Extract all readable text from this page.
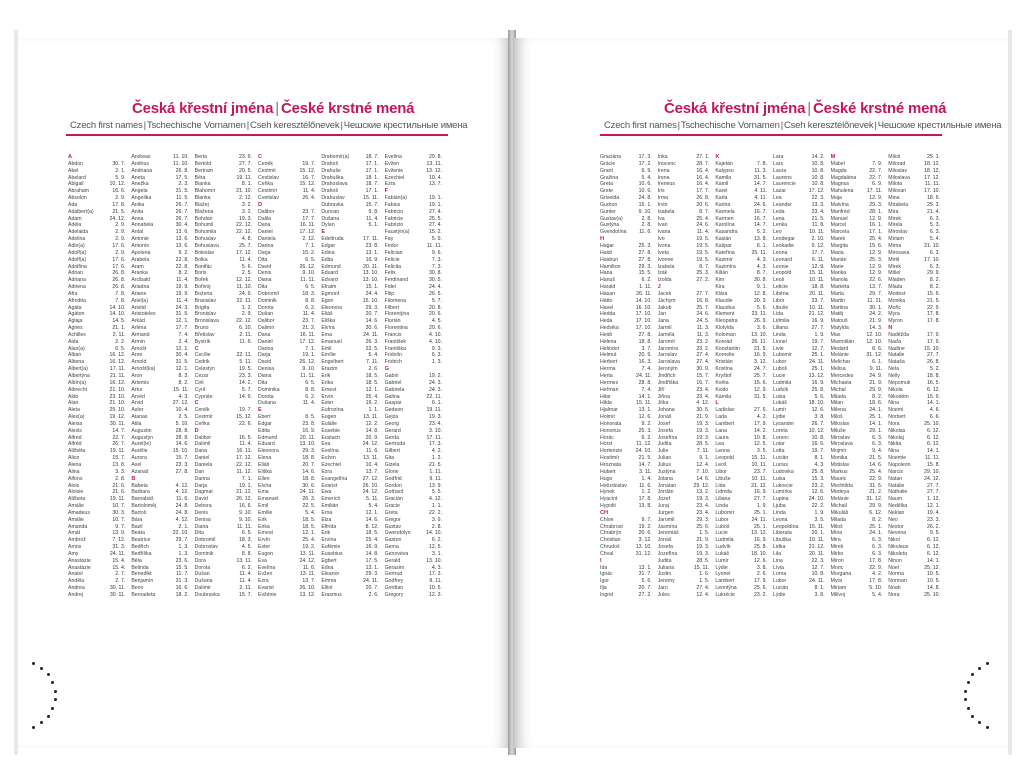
Česká křestní jména | České krstné mená
Czech first names|Tschechische Vornamen|Cseh keresztélőnevek|Чешские крестильные имена
A
Abdon	30. 7.
Abel	2. 1.
Abelard	5. 9.
Abigail	10. 12.
Abraham	16. 6.
Absolon	2. 9.
Ada	17. 8.
Adalbert(a)	21. 5.
Adam	24. 12.
Adéla	2. 9.
Adelaida	2. 9.
Adelina	2. 9.
Adin(a)	17. 6.
Adolf(a)	2. 9.
Adolf(a)	17. 6.
Adolfina	17. 6.
Adrian	26. 8.
Adriana	26. 8.
Adriena	26. 8.
Afra	7. 8.
Afrodita	7. 8.
Agáta	14. 10.
Agáton	14. 10.
Aglaja	14. 5.
Agnes	21. 1.
Achilles	2. 11.
Aida	2. 2.
Alan(a)	6. 5.
Alban	16. 12.
Albena	16. 12.
Albert(a)	17. 11.
Albertýna	21. 11.
Albín(a)	16. 12.
Albrecht	21. 10.
Aldo	23. 10.
Alan	21. 10.
Aleta	25. 10.
Alex(a)	19. 12.
Alexia	30. 11.
Alexis	14. 7.
Alfred	22. 7.
Alfréd	26. 7.
Alžběta	19. 11.
Alice	15. 7.
Alena	13. 8.
Alina	3. 3.
Alfons	2. 8.
Alois	21. 6.
Aloisie	21. 6.
Alžbeta	19. 11.
Amálie	10. 7.
Amadeus	30. 3.
Amálie	10. 7.
Amanda	9. 7.
Amát	13. 9.
Ambrož	7. 12.
Amos	31. 3.
Amy	24. 11.
Anastázie	15. 4.
Anastázie	15. 4.
Anatol	2. 7.
Anděla	2. 7.
Andrea	30. 11.
Andrej	30. 11.
Andreas	11. 10.
Andrius	11. 10.
Andriana	26. 8.
Aneta	17. 5.
Anežka	2. 3.
Angela	31. 5.
Angelika	11. 5.
Anika	26. 7.
Anita	26. 7.
Anna	26. 7.
Annabela	30. 4.
Antal	13. 6.
Antonie	13. 6.
Antonín	13. 6.
Apolena	9. 2.
Arabela	22. 8.
Aram	22. 8.
Aranka	8. 2.
Arcibald	11. 4.
Ariadna	19. 9.
Ariane	19. 9.
Ariel(a)	11. 4.
Aristid	24. 3.
Aristoteles	31. 5.
Arkád	12. 1.
Arlena	17. 7.
Armand	7. 4.
Armin	2. 4.
Arnošt	12. 1.
Arne	30. 4.
Arnold	31. 5.
Arnošt(ka)	12. 1.
Aron	8. 3.
Artemis	8. 2.
Artur	15. 11.
Arvéd	4. 3.
Arvid	27. 12.
Aster	10. 4.
Atanas	2. 5.
Atila	5. 10.
Augustin	28. 8.
Augustýn	28. 8.
Aurel(ie)	14. 6.
Aurélie	15. 10.
Aurora	15. 7.
Axel	23. 3.
Azanaš	27. 8.
B
Babeta	4. 12.
Barbara	4. 12.
Barnabáš	11. 6.
Bartoloměj	24. 8.
Bartoš	24. 8.
Bára	4. 12.
Bazil	2. 1.
Beáta	22. 10.
Beatrice	29. 7.
Bedřich	1. 3.
Bedřiška	1. 3.
Běla	23. 6.
Belinda	15. 5.
Benedikt	11. 7.
Benjamín	31. 3.
Beno	16. 6.
Bernadeta	18. 2.
Berta	23. 9.
Bertold	27. 7.
Bertram	20. 5.
Běta	19. 11.
Bianka	8. 1.
Blahomír	21. 10.
Blanka	2. 12.
Blažej	3. 2.
Blažena	3. 2.
Bohdan	19. 3.
Bohumil	22. 12.
Bohumila	22. 12.
Bohuslav	4. 8.
Bohuslava	25. 7.
Boleslav	17. 12.
Bolka	11. 4.
Bonifác	5. 6.
Boris	2. 5.
Bořek	12. 12.
Bořivoj	11. 10.
Božena	24. 9.
Branislav	22. 11.
Brigita	1. 2.
Bronislav	2. 9.
Bronislava	22. 12.
Bruno	6. 10.
Břetislav	2. 11.
Bystrík	11. 6.
C
Cecílie	22. 11.
Cedrik	5. 11.
Celestýn	19. 5.
Cézar	23. 3.
Ciril	14. 2.
Cyril	5. 7.
Cyprián	14. 9.
Č
Čeněk	19. 7.
Čestmír	15. 12.
Čeňka	22. 6.
D
Dalibor	16. 5.
Dalimil	11. 4.
Dana	16. 11.
Daniel	17. 12.
Daniela	22. 12.
Dan	11. 12.
Darina	7. 1.
Darja	19. 1.
Dagmar	21. 12.
David	26. 12.
Debora	16. 6.
Denis	9. 10.
Denisa	9. 10.
Diana	11. 11.
Dita	6. 5.
Dobromil	18. 3.
Dobroslav	4. 5.
Dominik	8. 8.
Dora	13. 11.
Dorota	6. 2.
Dušan	11. 4.
Dušana	11. 4.
Dalimir	2. 11.
Doubravka	15. 7.
Č
Čeněk	19. 7.
Čestmír	15. 12.
Čestislav	16. 7.
Čeňka	15. 12.
Čestimír	11. 4.
Cvetislav	26. 4.
D
Dalibor	23. 7.
Dalila	17. 7.
Dana	16. 11.
Daniel	17. 12.
Daniela	2. 12.
Darina	7. 1.
Darja	15. 2.
Dita	6. 5.
David	26. 12.
Denis	9. 10.
Diana	11. 11.
Dita	6. 5.
Dobromil	18. 3.
Dominik	8. 8.
Dorota	6. 2.
Dušan	11. 4.
Dalibor	23. 7.
Dalimír	21. 2.
Dana	16. 11.
Daniel	17. 12.
Darina	7. 1.
Darja	19. 1.
David	26. 12.
Denisa	9. 10.
Diana	11. 11.
Dita	6. 5.
Dominika	8. 8.
Dorota	6. 2.
Dušana	11. 4.
E
Ebert	8. 5.
Edgar	23. 8.
Edita	16. 9.
Edmund	20. 11.
Eduard	13. 10.
Eleonora	29. 3.
Elena	18. 8.
Eliáš	20. 7.
Eliška	14. 6.
Ellen	18. 8.
Elvíra	30. 6.
Ema	24. 11.
Emanuel	26. 3.
Emil	22. 5.
Emílie	5. 4.
Erik	18. 5.
Erika	18. 5.
Ernest	12. 1.
Ervín	25. 4.
Ester	19. 2.
Eugen	13. 11.
Eva	24. 12.
Evelína	11. 6.
Evžen	13. 11.
Ezra	13. 7.
Evarist	26. 10.
Evžénie	13. 12.
Drahomír(a)	18. 7.
Drahoš	17. 1.
Drahuše	17. 1.
Drahuška	18. 1.
Drahoslava	18. 7.
Drahoš	17. 1.
Drahuslav	15. 11.
Dubravka	15. 7.
Duncan	9. 8.
Dušana	11. 4.
Dylan	5. 1.
E
Edeltruda	17. 11.
Edgar	23. 8.
Edina	13. 1.
Edita	16. 9.
Edmund	20. 11.
Eduard	13. 10.
Edvard	13. 10.
Efraim	15. 1.
Egmont	24. 4.
Egon	15. 10.
Eleonora	29. 3.
Eliáš	20. 7.
Eliška	14. 6.
Elvíra	30. 6.
Ema	24. 11.
Emanuel	26. 3.
Emil	22. 5.
Emílie	5. 4.
Engelbert	7. 11.
Erazim	2. 6.
Erik	18. 5.
Erika	18. 5.
Ernest	12. 1.
Ervín	25. 4.
Ester	19. 2.
Eufrozína	1. 1.
Eugen	13. 11.
Eulálie	12. 2.
Eusebie	14. 8.
Eustach	20. 9.
Eva	24. 12.
Evelína	11. 6.
Evžen	13. 11.
Ezechiel	10. 4.
Ezra	13. 7.
Evangelína	27. 12.
Evarist	26. 10.
Ewa	24. 12.
Emerich	5. 11.
Emilián	5. 4.
Erna	12. 1.
Elza	14. 6.
Elfrída	8. 12.
Erik	18. 5.
Ervína	25. 4.
Eufémie	16. 9.
Eusebius	14. 8.
Egbert	17. 5.
Edna	13. 1.
Eleanor	29. 3.
Emma	24. 11.
Elliot	20. 7.
Erasmus	2. 6.
Evelína	29. 8.
Evžen	13. 11.
Evženie	13. 12.
Ezechiel	10. 4.
Ezra	13. 7.
F
Fabián(a)	19. 1.
Fabius	19. 1.
Fabricio	27. 4.
Fabricie	25. 5.
Fabrizio	27. 4.
Faustýn(a)	15. 2.
Fay	5. 9.
Fedor	11. 11.
Felician	9. 6.
Felicie	7. 3.
Felicita	7. 3.
Felix	30. 8.
Ferdinand	30. 5.
Fidel	24. 4.
Filip	26. 5.
Filomena	5. 7.
Filbert	20. 8.
Florentýna	20. 6.
Florián	4. 5.
Florentina	20. 6.
Francis	4. 10.
František	4. 10.
Františka	9. 3.
Fridolín	6. 3.
Fridrich	1. 3.
G
Gabin	19. 2.
Gabriel	24. 3.
Gabriela	24. 3.
Galina	22. 11.
Gaspar	6. 1.
Gedeon	19. 11.
Gejza	19. 3.
Georg	23. 4.
Gerard	3. 10.
Gerda	17. 11.
Gertruda	17. 3.
Gilbert	4. 2.
Gita	1. 2.
Gizela	21. 5.
Glorie	1. 11.
Godfrid	9. 11.
Gordon	13. 9.
Gothard	5. 5.
Gracián	4. 12.
Gracie	1. 1.
Greta	22. 2.
Gregor	3. 9.
Gustav	2. 8.
Gwendolyn	14. 10.
Gaston	6. 2.
Gema	12. 5.
Genovéva	3. 1.
Gerald	13. 10.
Gerasim	4. 3.
Gertrud	17. 3.
Godfrey	8. 11.
Gordian	10. 5.
Gregory	12. 3.
Česká křestní jména | České krstné mená
Czech first names|Tschechische Vornamen|Cseh keresztélőnevek|Чешские крестильные имена
Graciána	17. 3.
Grácie	17. 2.
Grant	6. 9.
Gražina	5. 4.
Greta	10. 6.
Grete	10. 6.
Griselda	24. 8.
Gudrun	15. 1.
Gunter	9. 10.
Gustav(a)	2. 8.
Gustýna	2. 8.
Gvendolína 11. 6.
H
Hagar	25. 3.
Haidi	27. 8.
Haidrun	27. 8.
Hamilton	29. 3.
Hana	15. 5.
Hanuš	6. 2.
Harald	1. 11.
Hasan	26. 11.
Hátto	14. 10.
Havel	16. 10.
Hedda	17. 10.
Heda	17. 10.
Hedvika	17. 10.
Heidi	27. 8.
Helena	18. 8.
Heliodor	3. 7.
Helmut	20. 9.
Herbert	16. 3.
Herma	7. 4.
Herta	24. 11.
Hermes	28. 8.
Heřman	7. 4.
Hilar	14. 1.
Hilda	15. 11.
Hjalmar	13. 1.
Holmír	12. 6.
Honorata	9. 2.
Honorius	25. 3.
Horác	6. 2.
Horst	11. 12.
Hortenzie	24. 10.
Hostimír	21. 5.
Hroznata	14. 7.
Hubert	3. 11.
Hugo	1. 4.
Hvězdoslav 11. 6.
Hynek	1. 2.
Hyacint	17. 8.
Hypolit	13. 8.
CH
Chloe	9. 7.
Chrabrost	19. 2.
Chrabrýn	20. 6.
Christian	3. 12.
Chrudoš	13. 10.
Chval	31. 12.
I
Ida	13. 1.
Ignác	31. 7.
Igor	5. 6.
Ilja	20. 7.
Ingrid	27. 2.
Inka	27. 1.
Inocenc	28. 7.
Irena	16. 4.
Irena	16. 4.
Ireneus	16. 4.
Iris	17. 7.
Irma	26. 8.
Irvin	20. 6.
Isabela	8. 7.
Iva	25. 4.
Ivan	24. 6.
Ivana	11. 4.
Ivo	19. 5.
Ivona	19. 5.
Iveta	19. 5.
Ivonne	19. 5.
Izabela	8. 7.
Izák	25. 3.
Izolda	27. 2.
J
Jacek	27. 7.
Jáchym	16. 8.
Jakub	25. 7.
Jan	24. 6.
Jana	24. 5.
Jarmil	11. 3.
Jarmila	11. 3.
Jaromír	23. 2.
Jaromíra	23. 2.
Jaroslav	27. 4.
Jaroslava	27. 4.
Jeroným	30. 9.
Jindřich	15. 7.
Jindřiška	16. 7.
Jiří	23. 4.
Jiřina	23. 4.
Jitka	4. 12.
Johana	30. 5.
Jonáš	21. 9.
Josef	19. 3.
Josefa	19. 3.
Josefína	19. 3.
Judita	28. 5.
Julie	7. 11.
Julian	9. 1.
Julius	12. 4.
Justýna	7. 10.
Jolana	14. 6.
Jonatan	29. 12.
Jordán	13. 2.
Jozef	19. 3.
Juraj	23. 4.
Jurgen	23. 4.
Jaromil	29. 3.
Jasmína	25. 6.
Jeremiáš	1. 5.
Jonáš	21. 9.
Josefa	19. 3.
Jozefína	19. 3.
Judita	28. 5.
Juliana	15. 11.
Justin	1. 6.
Jeremy	1. 5.
Jaro	27. 4.
Jules	12. 4.
K
Kajetán	7. 8.
Kalypso	11. 3.
Kamila	31. 5.
Kamil	14. 7.
Karel	4. 11.
Karla	4. 11.
Karina	24. 6.
Karmela	16. 7.
Karmen	16. 7.
Karolína	14. 7.
Kasandra	5. 2.
Kasián	13. 8.
Kašpar	6. 1.
Kateřina	25. 11.
Kazimír	4. 3.
Kazimíra	4. 3.
Kilián	8. 7.
Kim	30. 8.
Kira	9. 1.
Klára	12. 8.
Klaudie	20. 3.
Klaudius	5. 6.
Klement	23. 11.
Kleopatra	26. 9.
Klotylda	3. 6.
Koloman	13. 10.
Konrád	26. 11.
Konstantin	21. 5.
Kornelie	16. 9.
Kristián	3. 12.
Kristina	24. 7.
Kryštof	25. 7.
Květa	15. 6.
Kvido	12. 9.
Kamila	31. 5.
L
Ladislav	27. 6.
Lada	4. 2.
Lambert	17. 9.
Lana	14. 2.
Laura	10. 8.
Lea	12. 5.
Leona	3. 5.
Leopold	15. 11.
Leoš	10. 11.
Libor	23. 7.
Libuše	10. 11.
Lída	21. 12.
Lidmila	16. 9.
Liliana	27. 7.
Linda	1. 9.
Lubomír	25. 1.
Lubor	24. 11.
Luboš	25. 1.
Lucie	13. 12.
Ludmila	16. 9.
Ludvík	25. 8.
Lukáš	18. 10.
Lumír	12. 6.
Lýdie	3. 8.
Lyonel	2. 6.
Lambert	17. 9.
Leontýna	25. 6.
Lukrécie	23. 2.
Lara	14. 2.
Lars	10. 8.
Laura	10. 8.
Laurens	10. 8.
Laurencie	10. 8.
Lazar	17. 12.
Lea	22. 3.
Leander	13. 3.
Leda	23. 4.
Lena	21. 5.
Lenka	11. 8.
Leo	10. 11.
Leodegar	2. 10.
Leokadie	9. 12.
Leona	17. 7.
Leonard	6. 11.
Leonie	12. 9.
Leopold	15. 11.
Leoš	10. 11.
Leticie	18. 8.
Liběna	20. 11.
Libor	23. 7.
Libuše	10. 11.
Lída	21. 12.
Lidmila	16. 9.
Liliana	27. 7.
Linda	1. 9.
Lionel	19. 7.
Livie	12. 7.
Lubomír	25. 1.
Lubor	24. 11.
Luboš	25. 1.
Lucie	13. 12.
Ludmila	16. 9.
Ludvík	25. 8.
Luisa	5. 6.
Lukáš	18. 10.
Lumír	12. 6.
Lýdie	3. 8.
Lysander	26. 7.
Loreta	10. 12.
Lorenc	10. 8.
Lotar	16. 6.
Lotta	19. 7.
Lucián	8. 1.
Lucius	4. 3.
Ludovika	25. 8.
Luisa	15. 3.
Lukrecie	23. 2.
Lumírka	12. 6.
Lupina	24. 10.
Ljuba	22. 2.
Linda	1. 9.
Leona	3. 5.
Leopoldina 15. 11.
Liberata	20. 1.
Libuška	10. 11.
Lidka	21. 12.
Lila	20. 11.
Lina	22. 3.
Lívia	12. 7.
Lorna	10. 8.
Lubor	24. 11.
Lucián	8. 1.
Lýdie	3. 8.
M
Mabel	7. 9.
Magda	22. 7.
Magdaléna	22. 7.
Magnus	6. 9.
Mahulena	17. 11.
Maja	12. 9.
Malvína	29. 3.
Manfréd	28. 1.
Manuel	12. 9.
Marcel	16. 1.
Marcela	17. 1.
Marek	25. 4.
Margita	15. 6.
Maria	12. 9.
Marián	25. 3.
Marie	12. 9.
Marika	12. 9.
Mariola	22. 6.
Markéta	13. 7.
Marta	29. 7.
Martin	11. 11.
Martina	30. 1.
Matěj	24. 2.
Matouš	21. 9.
Matylda	14. 3.
Max	12. 10.
Maxmilián 12. 10.
Medard	8. 6.
Melánie	31. 12.
Melichar	6. 1.
Melisa	9. 11.
Mercedes	24. 9.
Michaela	21. 9.
Michal	29. 9.
Milada	8. 2.
Milan	18. 6.
Milena	24. 1.
Miloš	25. 1.
Miloslav	14. 1.
Miluše	29. 1.
Miroslav	6. 3.
Miroslava	6. 3.
Mojmír	9. 4.
Monika	21. 5.
Mstislav	14. 6.
Markus	25. 4.
Mauric	22. 9.
Mechtilda	31. 5.
Medeya	21. 2.
Melánie	31. 12.
Michail	29. 9.
Mikuláš	6. 12.
Milada	8. 2.
Miloš	25. 1.
Mína	24. 1.
Mira	6. 3.
Mirek	6. 3.
Mirko	6. 3.
Miron	17. 8.
Moric	22. 9.
Morgana	4. 2.
Myra	17. 8.
Miriam	5. 10.
Milivoj	5. 4.
Miloš	25. 1.
Milorad	18. 12.
Miloslav	18. 12.
Miloslava	17. 12.
Milota	11. 11.
Milovan	17. 10.
Mina	18. 6.
Mirabela	25. 3.
Mira	21. 4.
Mirek	6. 3.
Mirela	5. 3.
Miroslav	6. 3.
Miriam	5. 4.
Mirna	21. 10.
Mirosava	6. 3.
Mirtil	17. 10.
Mirek	6. 3.
Mišel	29. 9.
Mladen	8. 2.
Mlada	8. 2.
Modest	15. 6.
Monika	21. 5.
Mořic	22. 9.
Myra	17. 8.
Myron	17. 8.
N
Naděžda	17. 9.
Naďa	17. 9.
Nadine	15. 10.
Natalie	27. 7.
Nataša	26. 8.
Nela	5. 2.
Nelly	18. 8.
Nepomuk	16. 5.
Nikola	6. 12.
Nikodém	15. 9.
Nina	14. 1.
Noemi	4. 6.
Norbert	6. 6.
Nora	25. 10.
Nikolas	6. 12.
Nikolaj	6. 12.
Nikita	6. 12.
Nina	14. 1.
Noemie	11. 11.
Napoleon	15. 8.
Narcis	29. 10.
Natan	24. 12.
Natálie	27. 7.
Nathalie	27. 7.
Naum	1. 12.
Nedělka	12. 1.
Neklan	19. 4.
Neo	23. 3.
Nestor	26. 2.
Nevena	9. 5.
Nikol	6. 12.
Nikolaus	6. 12.
Nikoleta	6. 12.
Ninon	14. 1.
Noel	25. 12.
Norma	10. 5.
Norman	10. 5.
Noah	14. 8.
Nora	25. 10.
